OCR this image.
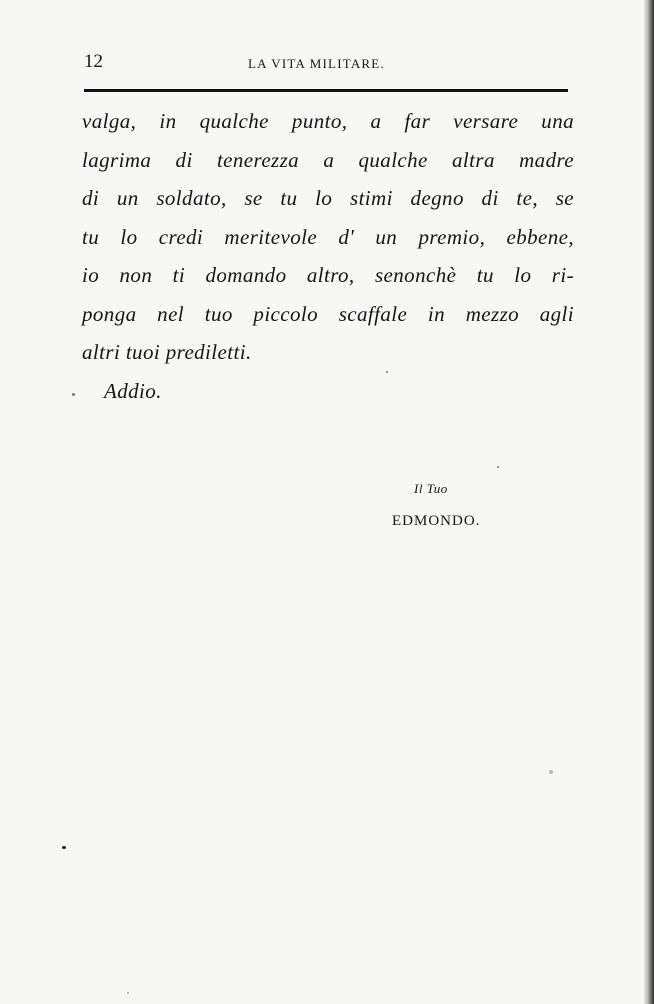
12	LA VITA MILITARE.
valga, in qualche punto, a far versare una
lagrima di tenerezza a qualche altra madre
di un soldato, se tu lo stimi degno di te, se
tu lo credi meritevole d' un premio, ebbene,
io non ti domando altro, senonchè tu lo ri-
ponga nel tuo piccolo scaffale in mezzo agli
altri tuoi prediletti.
Addio.
Il Tuo
EDMONDO.
